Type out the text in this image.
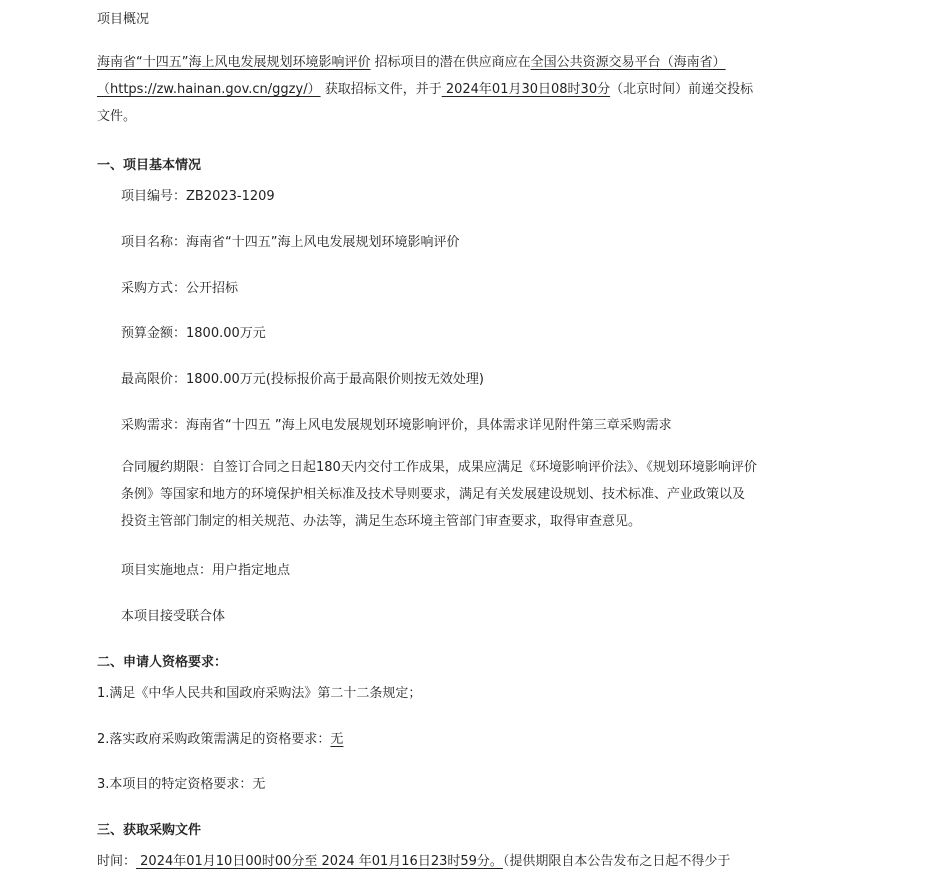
项目概况
海南省“十四五”海上风电发展规划环境影响评价 招标项目的潜在供应商应在全国公共资源交易平台（海南省）（https://zw.hainan.gov.cn/ggzy/） 获取招标文件，并于 2024年01月30日08时30分（北京时间）前递交投标文件。
一、项目基本情况
项目编号：ZB2023-1209
项目名称：海南省“十四五”海上风电发展规划环境影响评价
采购方式：公开招标
预算金额：1800.00万元
最高限价：1800.00万元(投标报价高于最高限价则按无效处理)
采购需求：海南省“十四五 ”海上风电发展规划环境影响评价，具体需求详见附件第三章采购需求
合同履约期限：自签订合同之日起180天内交付工作成果，成果应满足《环境影响评价法》、《规划环境影响评价条例》等国家和地方的环境保护相关标准及技术导则要求，满足有关发展建设规划、技术标准、产业政策以及投资主管部门制定的相关规范、办法等，满足生态环境主管部门审查要求，取得审查意见。
项目实施地点：用户指定地点
本项目接受联合体
二、申请人资格要求：
1.满足《中华人民共和国政府采购法》第二十二条规定；
2.落实政府采购政策需满足的资格要求：无
3.本项目的特定资格要求：无
三、获取采购文件
时间： 2024年01月10日00时00分至 2024 年01月16日23时59分。（提供期限自本公告发布之日起不得少于
